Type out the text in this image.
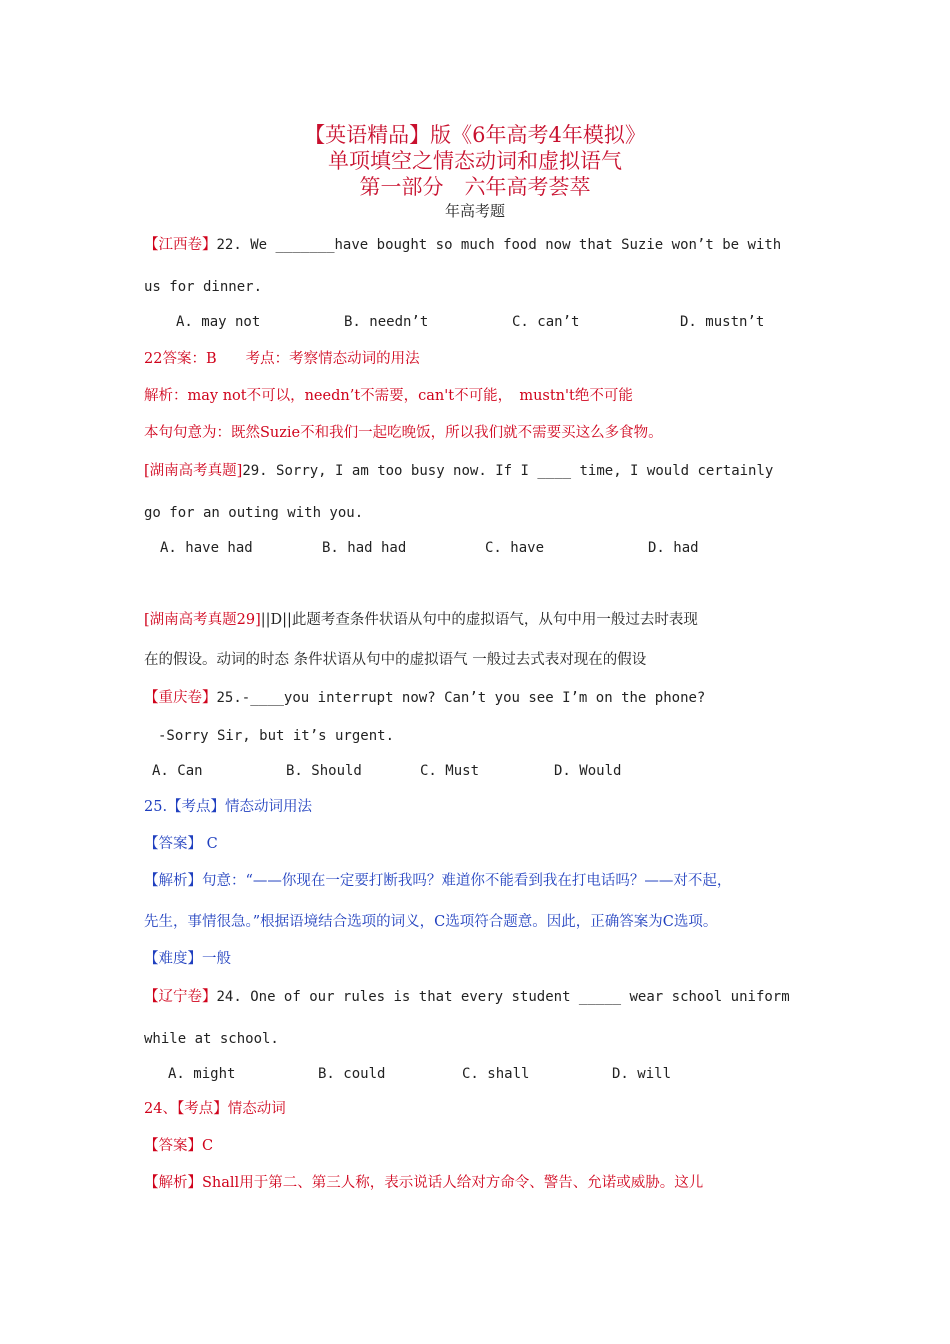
【英语精品】版《6年高考4年模拟》
单项填空之情态动词和虚拟语气
第一部分　六年高考荟萃
年高考题
【江西卷】22. We _______have bought so much food now that Suzie won’t be with
us for dinner.
A. may not	B. needn’t	C. can’t	D. mustn’t
22答案：B　　考点：考察情态动词的用法
解析：may not不可以，needn’t不需要，can't不可能，　mustn't绝不可能
本句句意为：既然Suzie不和我们一起吃晚饭，所以我们就不需要买这么多食物。
[湖南高考真题]29. Sorry, I am too busy now. If I ____ time, I would certainly
go for an outing with you.
A. have had	B. had had	C. have	D. had
[湖南高考真题29]||D||此题考查条件状语从句中的虚拟语气，从句中用一般过去时表现
在的假设。动词的时态 条件状语从句中的虚拟语气 一般过去式表对现在的假设
【重庆卷】25.-____you interrupt now? Can’t you see I’m on the phone?
-Sorry Sir, but it’s urgent.
A. Can	B. Should	C. Must	D. Would
25.【考点】情态动词用法
【答案】 C
【解析】句意：“——你现在一定要打断我吗？难道你不能看到我在打电话吗？——对不起，
先生，事情很急。”根据语境结合选项的词义，C选项符合题意。因此，正确答案为C选项。
【难度】一般
【辽宁卷】24. One of our rules is that every student _____ wear school uniform
while at school.
A. might	B. could	C. shall	D. will
24、【考点】情态动词
【答案】C
【解析】Shall用于第二、第三人称，表示说话人给对方命令、警告、允诺或威胁。这儿
